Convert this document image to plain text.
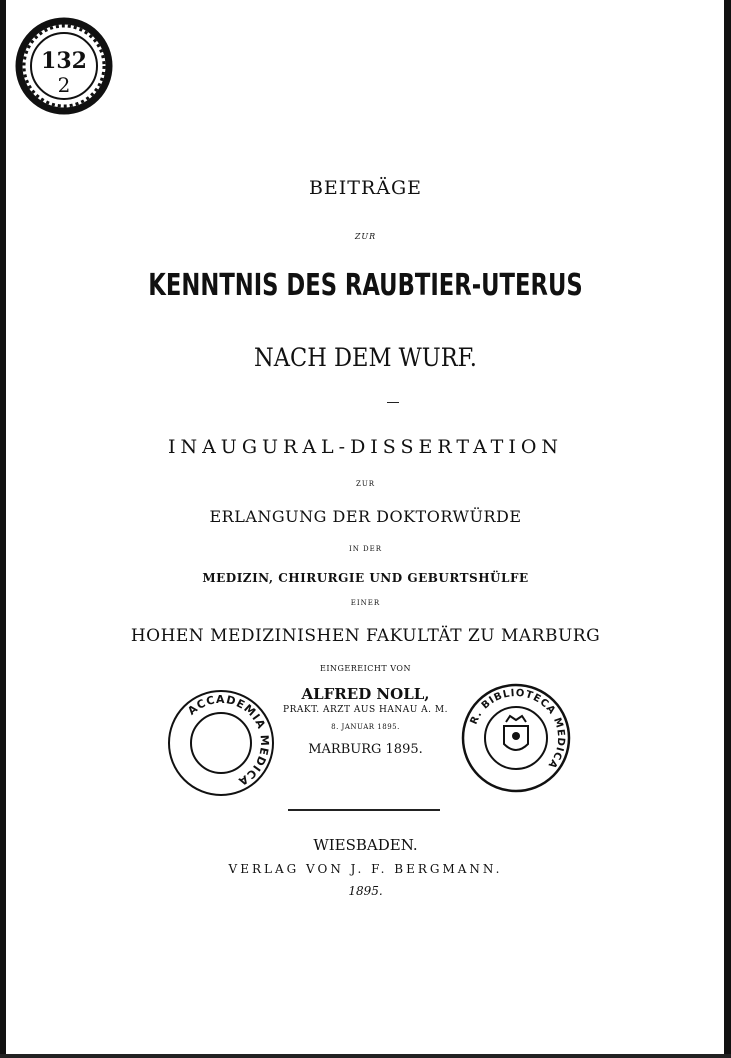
132
2
BEITRÄGE
ZUR
KENNTNIS DES RAUBTIER-UTERUS
NACH DEM WURF.
INAUGURAL-DISSERTATION
ZUR
ERLANGUNG DER DOKTORWÜRDE
IN DER
MEDIZIN, CHIRURGIE UND GEBURTSHÜLFE
EINER
HOHEN MEDIZINISHEN FAKULTÄT ZU MARBURG
EINGEREICHT VON
ALFRED NOLL,
PRAKT. ARZT AUS HANAU A. M.
8. JANUAR 1895.
MARBURG 1895.
ACCADEMIA MEDICA
R. BIBLIOTECA MEDICA
WIESBADEN.
VERLAG VON J. F. BERGMANN.
1895.
